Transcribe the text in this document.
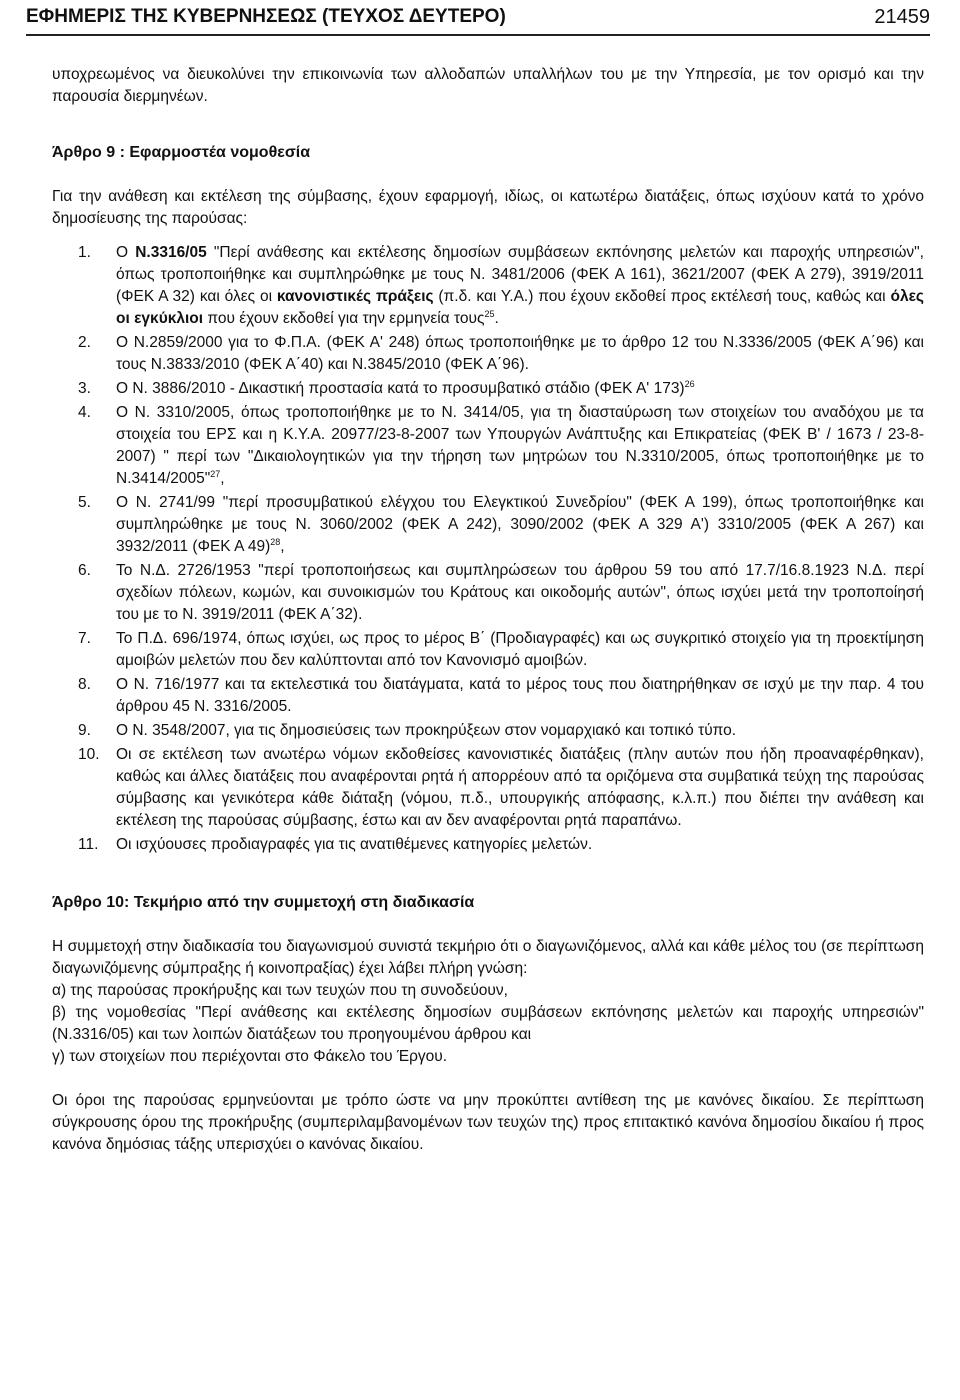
ΕΦΗΜΕΡΙΣ ΤΗΣ ΚΥΒΕΡΝΗΣΕΩΣ (ΤΕΥΧΟΣ ΔΕΥΤΕΡΟ)	21459

υποχρεωμένος να διευκολύνει την επικοινωνία των αλλοδαπών υπαλλήλων του με την Υπηρεσία, με τον ορισμό και την παρουσία διερμηνέων.

Άρθρο 9 : Εφαρμοστέα νομοθεσία

Για την ανάθεση και εκτέλεση της σύμβασης, έχουν εφαρμογή, ιδίως, οι κατωτέρω διατάξεις, όπως ισχύουν κατά το χρόνο δημοσίευσης της παρούσας:

1. Ο Ν.3316/05 "Περί ανάθεσης και εκτέλεσης δημοσίων συμβάσεων εκπόνησης μελετών και παροχής υπηρεσιών", όπως τροποποιήθηκε και συμπληρώθηκε με τους Ν. 3481/2006 (ΦΕΚ Α 161), 3621/2007 (ΦΕΚ Α 279), 3919/2011 (ΦΕΚ Α 32) και όλες οι κανονιστικές πράξεις (π.δ. και Υ.Α.) που έχουν εκδοθεί προς εκτέλεσή τους, καθώς και όλες οι εγκύκλιοι που έχουν εκδοθεί για την ερμηνεία τους$^{25}$.
2. Ο Ν.2859/2000 για το Φ.Π.Α. (ΦΕΚ Α' 248) όπως τροποποιήθηκε με το άρθρο 12 του Ν.3336/2005 (ΦΕΚ Α΄96) και τους Ν.3833/2010 (ΦΕΚ Α΄40) και Ν.3845/2010 (ΦΕΚ Α΄96).
3. Ο Ν. 3886/2010 - Δικαστική προστασία κατά το προσυμβατικό στάδιο (ΦΕΚ Α' 173)$^{26}$
4. Ο Ν. 3310/2005, όπως τροποποιήθηκε με το Ν. 3414/05, για τη διασταύρωση των στοιχείων του αναδόχου με τα στοιχεία του ΕΡΣ και η Κ.Υ.Α. 20977/23-8-2007 των Υπουργών Ανάπτυξης και Επικρατείας (ΦΕΚ Β' / 1673 / 23-8-2007) " περί των "Δικαιολογητικών για την τήρηση των μητρώων του Ν.3310/2005, όπως τροποποιήθηκε με το Ν.3414/2005"$^{27}$,
5. Ο Ν. 2741/99 "περί προσυμβατικού ελέγχου του Ελεγκτικού Συνεδρίου" (ΦΕΚ Α 199), όπως τροποποιήθηκε και συμπληρώθηκε με τους Ν. 3060/2002 (ΦΕΚ Α 242), 3090/2002 (ΦΕΚ Α 329 Α') 3310/2005 (ΦΕΚ Α 267) και 3932/2011 (ΦΕΚ Α 49)$^{28}$,
6. Το Ν.Δ. 2726/1953 "περί τροποποιήσεως και συμπληρώσεων του άρθρου 59 του από 17.7/16.8.1923 Ν.Δ. περί σχεδίων πόλεων, κωμών, και συνοικισμών του Κράτους και οικοδομής αυτών", όπως ισχύει μετά την τροποποίησή του με το Ν. 3919/2011 (ΦΕΚ Α΄32).
7. Το Π.Δ. 696/1974, όπως ισχύει, ως προς το μέρος Β΄ (Προδιαγραφές) και ως συγκριτικό στοιχείο για τη προεκτίμηση αμοιβών μελετών που δεν καλύπτονται από τον Κανονισμό αμοιβών.
8. Ο Ν. 716/1977 και τα εκτελεστικά του διατάγματα, κατά το μέρος τους που διατηρήθηκαν σε ισχύ με την παρ. 4 του άρθρου 45 Ν. 3316/2005.
9. Ο Ν. 3548/2007, για τις δημοσιεύσεις των προκηρύξεων στον νομαρχιακό και τοπικό τύπο.
10. Οι σε εκτέλεση των ανωτέρω νόμων εκδοθείσες κανονιστικές διατάξεις (πλην αυτών που ήδη προαναφέρθηκαν), καθώς και άλλες διατάξεις που αναφέρονται ρητά ή απορρέουν από τα οριζόμενα στα συμβατικά τεύχη της παρούσας σύμβασης και γενικότερα κάθε διάταξη (νόμου, π.δ., υπουργικής απόφασης, κ.λ.π.) που διέπει την ανάθεση και εκτέλεση της παρούσας σύμβασης, έστω και αν δεν αναφέρονται ρητά παραπάνω.
11. Οι ισχύουσες προδιαγραφές για τις ανατιθέμενες κατηγορίες μελετών.

Άρθρο 10: Τεκμήριο από την συμμετοχή στη διαδικασία

Η συμμετοχή στην διαδικασία του διαγωνισμού συνιστά τεκμήριο ότι ο διαγωνιζόμενος, αλλά και κάθε μέλος του (σε περίπτωση διαγωνιζόμενης σύμπραξης ή κοινοπραξίας) έχει λάβει πλήρη γνώση:

α) της παρούσας προκήρυξης και των τευχών που τη συνοδεύουν,

β) της νομοθεσίας "Περί ανάθεσης και εκτέλεσης δημοσίων συμβάσεων εκπόνησης μελετών και παροχής υπηρεσιών" (Ν.3316/05) και των λοιπών διατάξεων του προηγουμένου άρθρου και

γ) των στοιχείων που περιέχονται στο Φάκελο του Έργου.

Οι όροι της παρούσας ερμηνεύονται με τρόπο ώστε να μην προκύπτει αντίθεση της με κανόνες δικαίου. Σε περίπτωση σύγκρουσης όρου της προκήρυξης (συμπεριλαμβανομένων των τευχών της) προς επιτακτικό κανόνα δημοσίου δικαίου ή προς κανόνα δημόσιας τάξης υπερισχύει ο κανόνας δικαίου.
